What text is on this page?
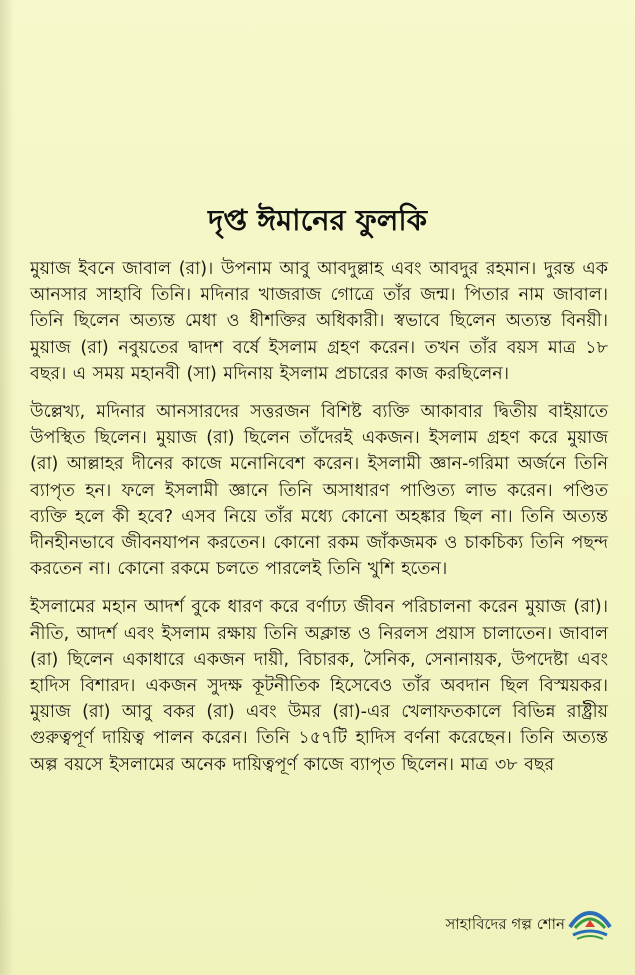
দৃপ্ত ঈমানের ফুলকি

মুয়াজ ইবনে জাবাল (রা)। উপনাম আবু আবদুল্লাহ এবং আবদুর রহমান। দুরন্ত এক আনসার সাহাবি তিনি। মদিনার খাজরাজ গোত্রে তাঁর জন্ম। পিতার নাম জাবাল। তিনি ছিলেন অত্যন্ত মেধা ও ধীশক্তির অধিকারী। স্বভাবে ছিলেন অত্যন্ত বিনয়ী। মুয়াজ (রা) নবুয়তের দ্বাদশ বর্ষে ইসলাম গ্রহণ করেন। তখন তাঁর বয়স মাত্র ১৮ বছর। এ সময় মহানবী (সা) মদিনায় ইসলাম প্রচারের কাজ করছিলেন।

উল্লেখ্য, মদিনার আনসারদের সত্তরজন বিশিষ্ট ব্যক্তি আকাবার দ্বিতীয় বাইয়াতে উপস্থিত ছিলেন। মুয়াজ (রা) ছিলেন তাঁদেরই একজন। ইসলাম গ্রহণ করে মুয়াজ (রা) আল্লাহর দীনের কাজে মনোনিবেশ করেন। ইসলামী জ্ঞান-গরিমা অর্জনে তিনি ব্যাপৃত হন। ফলে ইসলামী জ্ঞানে তিনি অসাধারণ পাণ্ডিত্য লাভ করেন। পণ্ডিত ব্যক্তি হলে কী হবে? এসব নিয়ে তাঁর মধ্যে কোনো অহঙ্কার ছিল না। তিনি অত্যন্ত দীনহীনভাবে জীবনযাপন করতেন। কোনো রকম জাঁকজমক ও চাকচিক্য তিনি পছন্দ করতেন না। কোনো রকমে চলতে পারলেই তিনি খুশি হতেন।

ইসলামের মহান আদর্শ বুকে ধারণ করে বর্ণাঢ্য জীবন পরিচালনা করেন মুয়াজ (রা)। নীতি, আদর্শ এবং ইসলাম রক্ষায় তিনি অক্লান্ত ও নিরলস প্রয়াস চালাতেন। জাবাল (রা) ছিলেন একাধারে একজন দায়ী, বিচারক, সৈনিক, সেনানায়ক, উপদেষ্টা এবং হাদিস বিশারদ। একজন সুদক্ষ কূটনীতিক হিসেবেও তাঁর অবদান ছিল বিস্ময়কর। মুয়াজ (রা) আবু বকর (রা) এবং উমর (রা)-এর খেলাফতকালে বিভিন্ন রাষ্ট্রীয় গুরুত্বপূর্ণ দায়িত্ব পালন করেন। তিনি ১৫৭টি হাদিস বর্ণনা করেছেন। তিনি অত্যন্ত অল্প বয়সে ইসলামের অনেক দায়িত্বপূর্ণ কাজে ব্যাপৃত ছিলেন। মাত্র ৩৮ বছর

সাহাবিদের গল্প শোন
